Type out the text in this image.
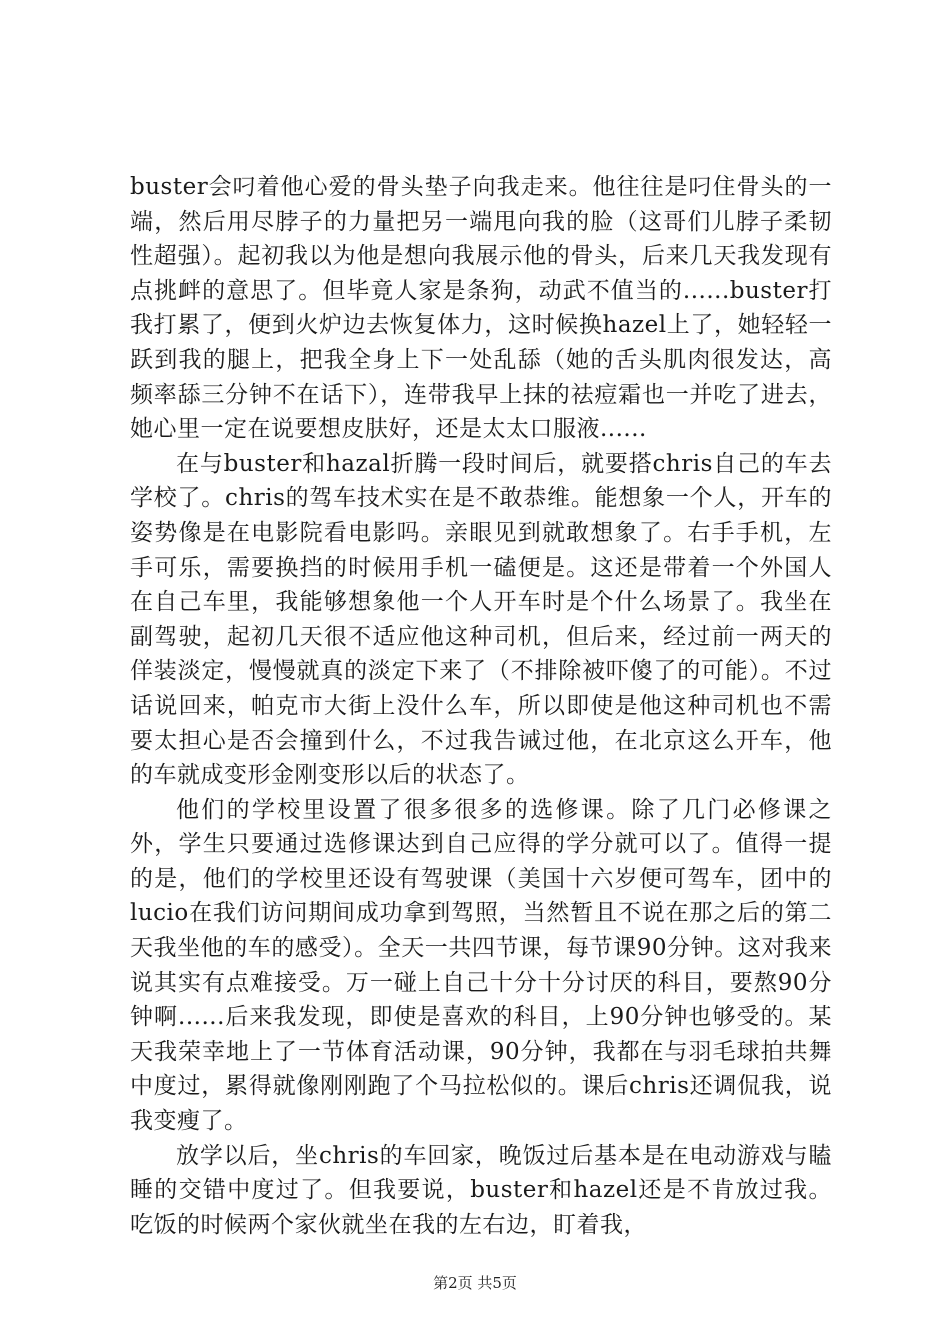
buster会叼着他心爱的骨头垫子向我走来。他往往是叼住骨头的一端，然后用尽脖子的力量把另一端甩向我的脸（这哥们儿脖子柔韧性超强）。起初我以为他是想向我展示他的骨头，后来几天我发现有点挑衅的意思了。但毕竟人家是条狗，动武不值当的......buster打我打累了，便到火炉边去恢复体力，这时候换hazel上了，她轻轻一跃到我的腿上，把我全身上下一处乱舔（她的舌头肌肉很发达，高频率舔三分钟不在话下），连带我早上抹的祛痘霜也一并吃了进去，她心里一定在说要想皮肤好，还是太太口服液......

在与buster和hazal折腾一段时间后，就要搭chris自己的车去学校了。chris的驾车技术实在是不敢恭维。能想象一个人，开车的姿势像是在电影院看电影吗。亲眼见到就敢想象了。右手手机，左手可乐，需要换挡的时候用手机一磕便是。这还是带着一个外国人在自己车里，我能够想象他一个人开车时是个什么场景了。我坐在副驾驶，起初几天很不适应他这种司机，但后来，经过前一两天的佯装淡定，慢慢就真的淡定下来了（不排除被吓傻了的可能）。不过话说回来，帕克市大街上没什么车，所以即使是他这种司机也不需要太担心是否会撞到什么，不过我告诫过他，在北京这么开车，他的车就成变形金刚变形以后的状态了。

他们的学校里设置了很多很多的选修课。除了几门必修课之外，学生只要通过选修课达到自己应得的学分就可以了。值得一提的是，他们的学校里还设有驾驶课（美国十六岁便可驾车，团中的lucio在我们访问期间成功拿到驾照，当然暂且不说在那之后的第二天我坐他的车的感受）。全天一共四节课，每节课90分钟。这对我来说其实有点难接受。万一碰上自己十分十分讨厌的科目，要熬90分钟啊......后来我发现，即使是喜欢的科目，上90分钟也够受的。某天我荣幸地上了一节体育活动课，90分钟，我都在与羽毛球拍共舞中度过，累得就像刚刚跑了个马拉松似的。课后chris还调侃我，说我变瘦了。

放学以后，坐chris的车回家，晚饭过后基本是在电动游戏与瞌睡的交错中度过了。但我要说，buster和hazel还是不肯放过我。吃饭的时候两个家伙就坐在我的左右边，盯着我，

第2页 共5页
